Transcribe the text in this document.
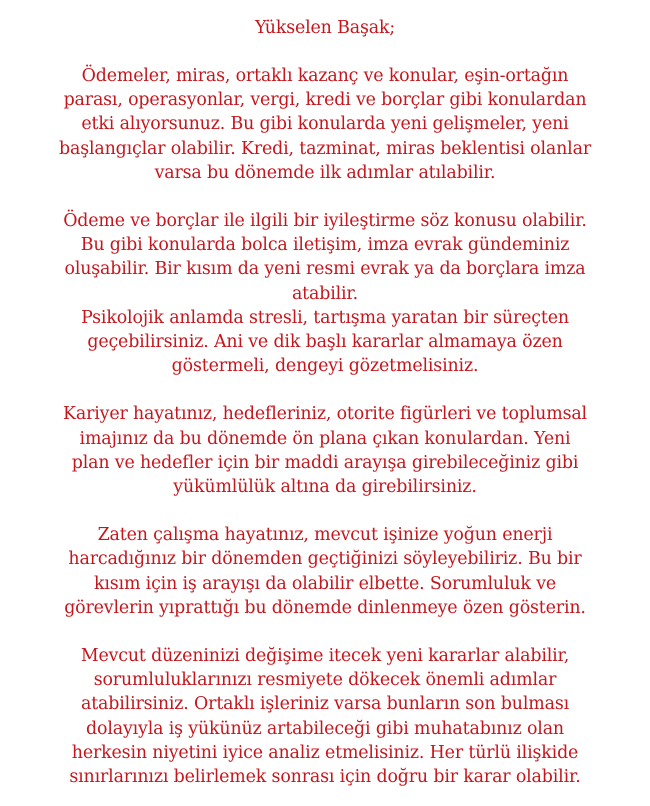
Yükselen Başak;
Ödemeler, miras, ortaklı kazanç ve konular, eşin-ortağın
parası, operasyonlar, vergi, kredi ve borçlar gibi konulardan
etki alıyorsunuz. Bu gibi konularda yeni gelişmeler, yeni
başlangıçlar olabilir. Kredi, tazminat, miras beklentisi olanlar
varsa bu dönemde ilk adımlar atılabilir.
Ödeme ve borçlar ile ilgili bir iyileştirme söz konusu olabilir.
Bu gibi konularda bolca iletişim, imza evrak gündeminiz
oluşabilir. Bir kısım da yeni resmi evrak ya da borçlara imza
atabilir.
Psikolojik anlamda stresli, tartışma yaratan bir süreçten
geçebilirsiniz. Ani ve dik başlı kararlar almamaya özen
göstermeli, dengeyi gözetmelisiniz.
Kariyer hayatınız, hedefleriniz, otorite figürleri ve toplumsal
imajınız da bu dönemde ön plana çıkan konulardan. Yeni
plan ve hedefler için bir maddi arayışa girebileceğiniz gibi
yükümlülük altına da girebilirsiniz.
Zaten çalışma hayatınız, mevcut işinize yoğun enerji
harcadığınız bir dönemden geçtiğinizi söyleyebiliriz. Bu bir
kısım için iş arayışı da olabilir elbette. Sorumluluk ve
görevlerin yıprattığı bu dönemde dinlenmeye özen gösterin.
Mevcut düzeninizi değişime itecek yeni kararlar alabilir,
sorumluluklarınızı resmiyete dökecek önemli adımlar
atabilirsiniz. Ortaklı işleriniz varsa bunların son bulması
dolayıyla iş yükünüz artabileceği gibi muhatabınız olan
herkesin niyetini iyice analiz etmelisiniz. Her türlü ilişkide
sınırlarınızı belirlemek sonrası için doğru bir karar olabilir.
